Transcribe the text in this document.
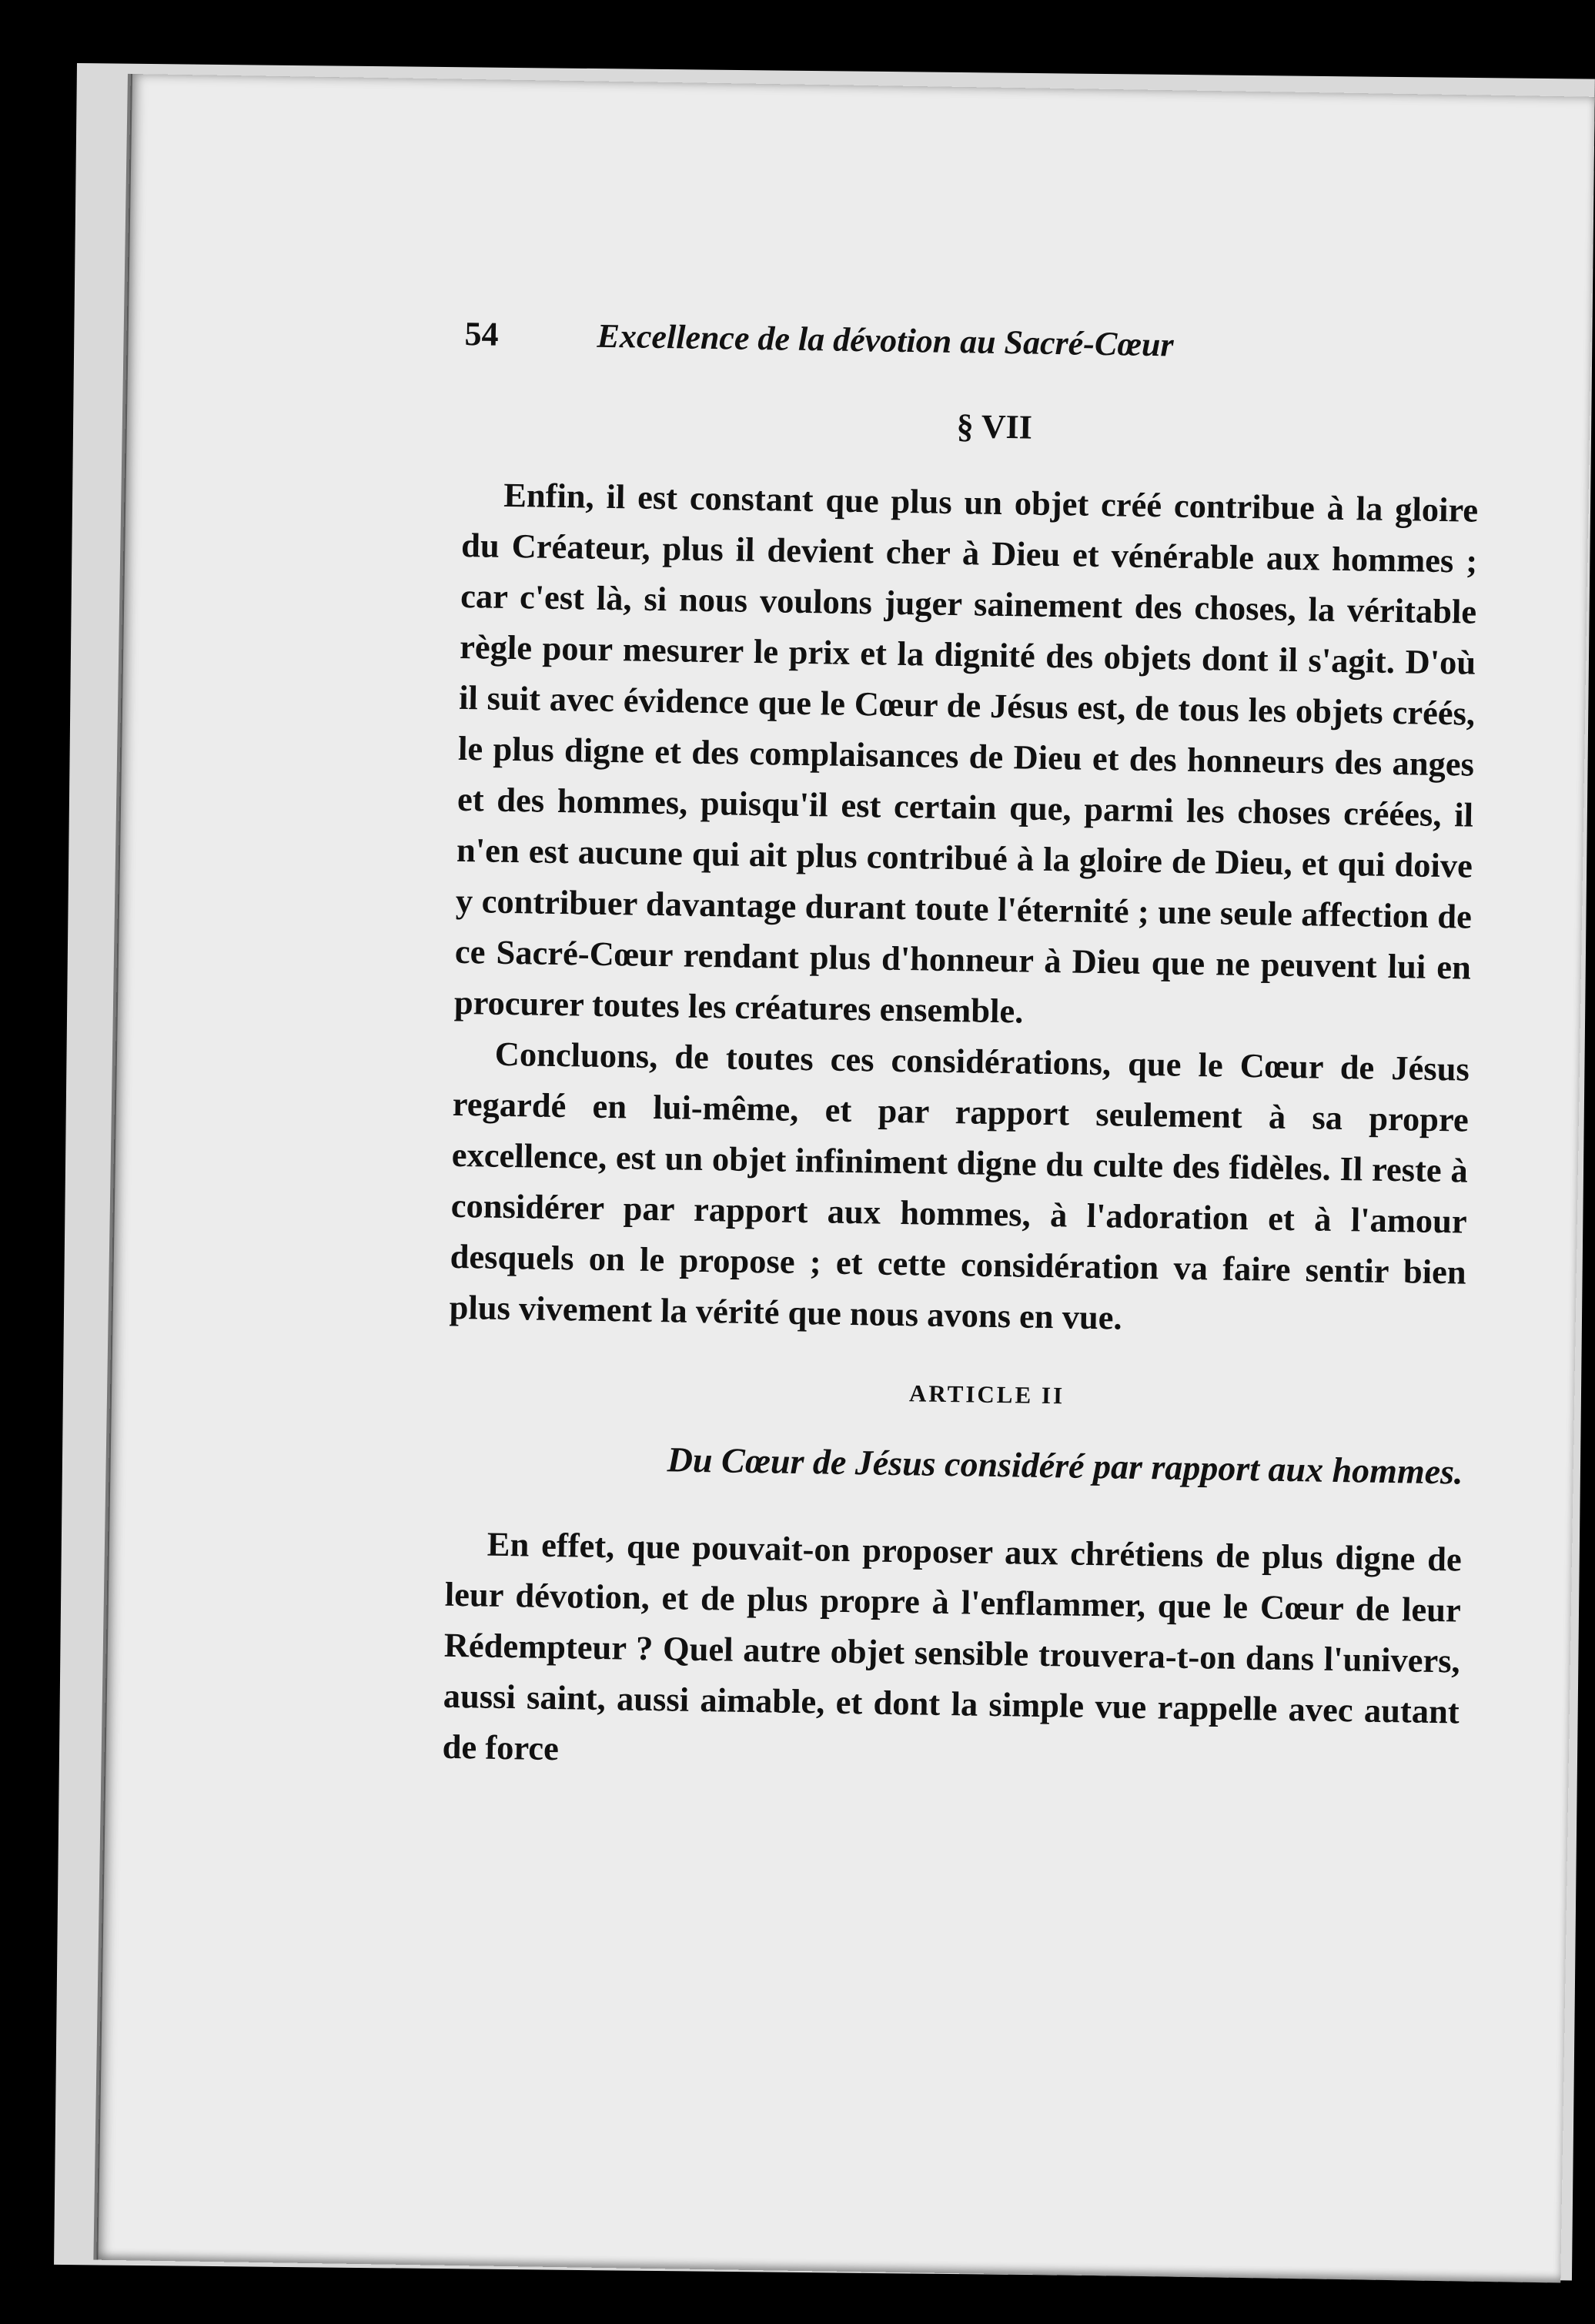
54	Excellence de la dévotion au Sacré-Cœur
§ VII

Enfin, il est constant que plus un objet créé contribue à la gloire du Créateur, plus il devient cher à Dieu et vénérable aux hommes ; car c'est là, si nous voulons juger sainement des choses, la véritable règle pour mesurer le prix et la dignité des objets dont il s'agit. D'où il suit avec évidence que le Cœur de Jésus est, de tous les objets créés, le plus digne et des complaisances de Dieu et des honneurs des anges et des hommes, puisqu'il est certain que, parmi les choses créées, il n'en est aucune qui ait plus contribué à la gloire de Dieu, et qui doive y contribuer davantage durant toute l'éternité ; une seule affection de ce Sacré-Cœur rendant plus d'honneur à Dieu que ne peuvent lui en procurer toutes les créatures ensemble.

Concluons, de toutes ces considérations, que le Cœur de Jésus regardé en lui-même, et par rapport seulement à sa propre excellence, est un objet infiniment digne du culte des fidèles. Il reste à considérer par rapport aux hommes, à l'adoration et à l'amour desquels on le propose ; et cette considération va faire sentir bien plus vivement la vérité que nous avons en vue.

ARTICLE II
Du Cœur de Jésus considéré par rapport aux hommes.

En effet, que pouvait-on proposer aux chrétiens de plus digne de leur dévotion, et de plus propre à l'enflammer, que le Cœur de leur Rédempteur ? Quel autre objet sensible trouvera-t-on dans l'univers, aussi saint, aussi aimable, et dont la simple vue rappelle avec autant de force
